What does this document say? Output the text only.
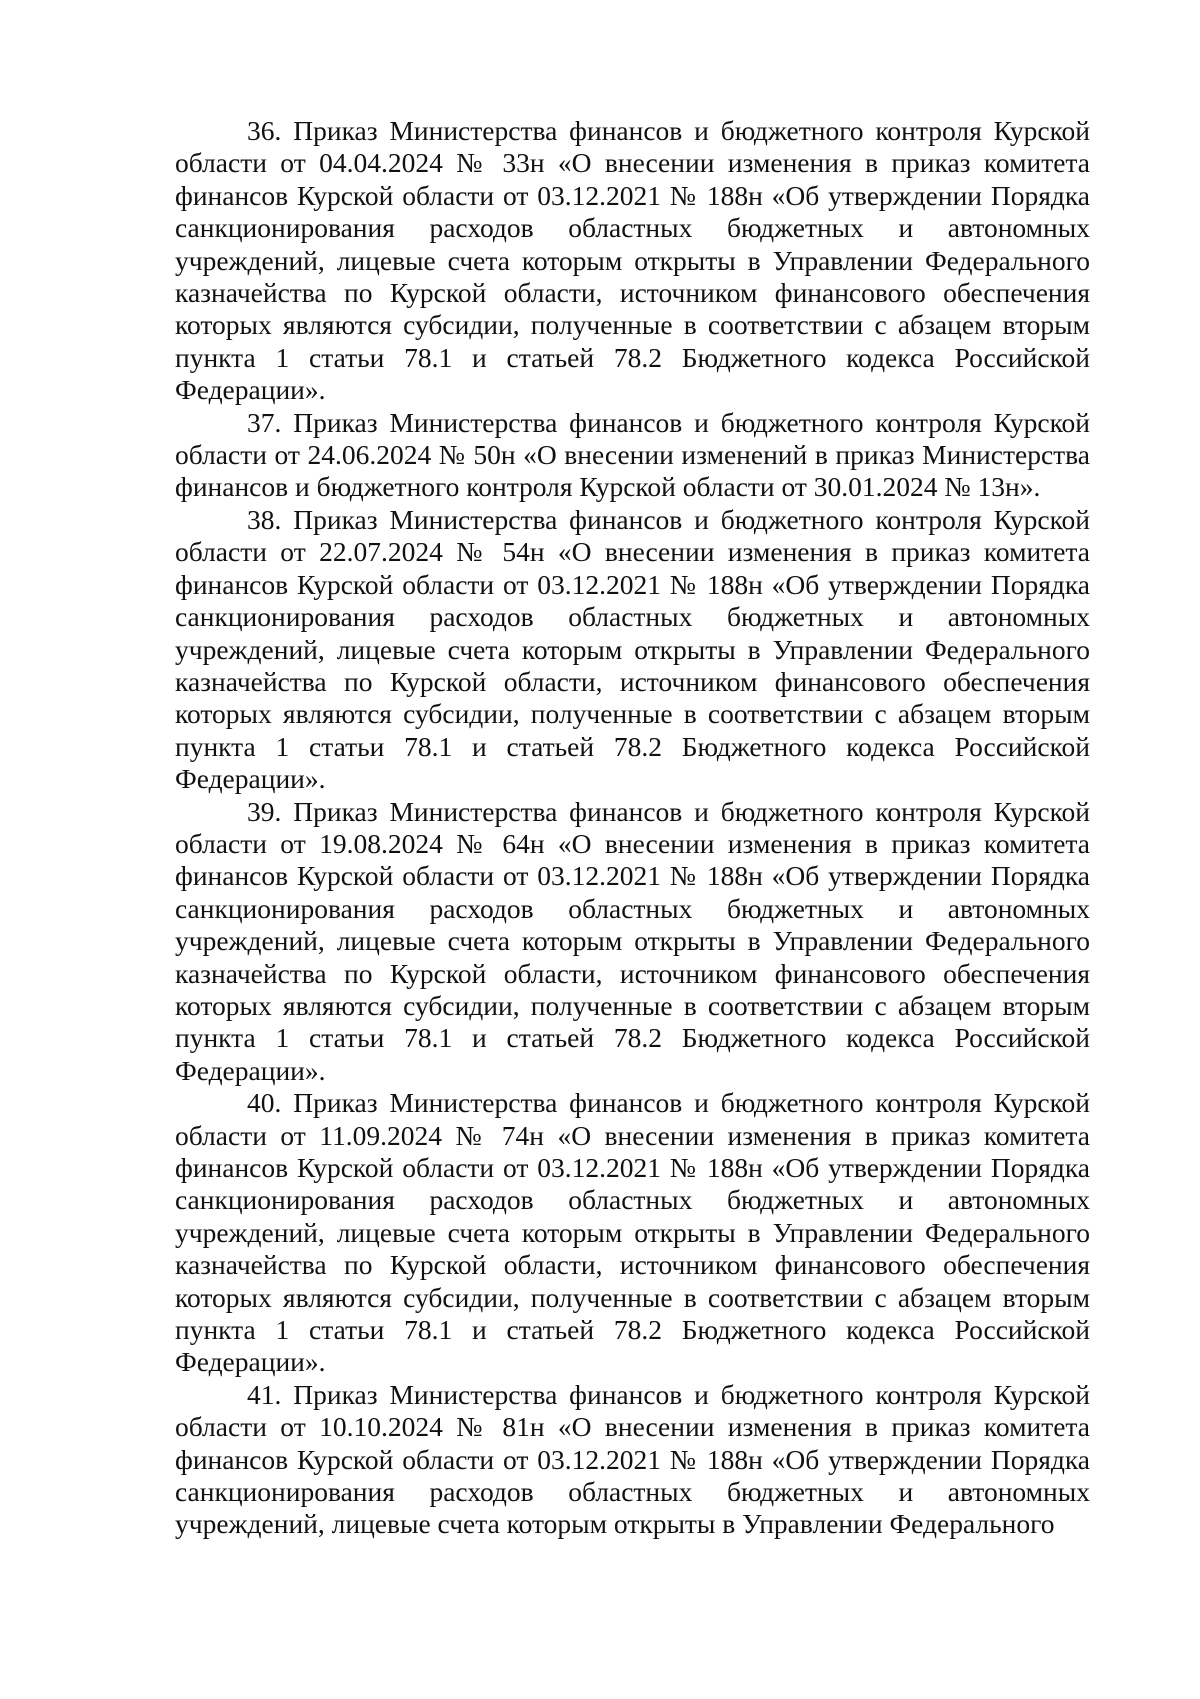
36. Приказ Министерства финансов и бюджетного контроля Курской области от 04.04.2024 № 33н «О внесении изменения в приказ комитета финансов Курской области от 03.12.2021 № 188н «Об утверждении Порядка санкционирования расходов областных бюджетных и автономных учреждений, лицевые счета которым открыты в Управлении Федерального казначейства по Курской области, источником финансового обеспечения которых являются субсидии, полученные в соответствии с абзацем вторым пункта 1 статьи 78.1 и статьей 78.2 Бюджетного кодекса Российской Федерации».

37. Приказ Министерства финансов и бюджетного контроля Курской области от 24.06.2024 № 50н «О внесении изменений в приказ Министерства финансов и бюджетного контроля Курской области от 30.01.2024 № 13н».

38. Приказ Министерства финансов и бюджетного контроля Курской области от 22.07.2024 № 54н «О внесении изменения в приказ комитета финансов Курской области от 03.12.2021 № 188н «Об утверждении Порядка санкционирования расходов областных бюджетных и автономных учреждений, лицевые счета которым открыты в Управлении Федерального казначейства по Курской области, источником финансового обеспечения которых являются субсидии, полученные в соответствии с абзацем вторым пункта 1 статьи 78.1 и статьей 78.2 Бюджетного кодекса Российской Федерации».

39. Приказ Министерства финансов и бюджетного контроля Курской области от 19.08.2024 № 64н «О внесении изменения в приказ комитета финансов Курской области от 03.12.2021 № 188н «Об утверждении Порядка санкционирования расходов областных бюджетных и автономных учреждений, лицевые счета которым открыты в Управлении Федерального казначейства по Курской области, источником финансового обеспечения которых являются субсидии, полученные в соответствии с абзацем вторым пункта 1 статьи 78.1 и статьей 78.2 Бюджетного кодекса Российской Федерации».

40. Приказ Министерства финансов и бюджетного контроля Курской области от 11.09.2024 № 74н «О внесении изменения в приказ комитета финансов Курской области от 03.12.2021 № 188н «Об утверждении Порядка санкционирования расходов областных бюджетных и автономных учреждений, лицевые счета которым открыты в Управлении Федерального казначейства по Курской области, источником финансового обеспечения которых являются субсидии, полученные в соответствии с абзацем вторым пункта 1 статьи 78.1 и статьей 78.2 Бюджетного кодекса Российской Федерации».

41. Приказ Министерства финансов и бюджетного контроля Курской области от 10.10.2024 № 81н «О внесении изменения в приказ комитета финансов Курской области от 03.12.2021 № 188н «Об утверждении Порядка санкционирования расходов областных бюджетных и автономных учреждений, лицевые счета которым открыты в Управлении Федерального
